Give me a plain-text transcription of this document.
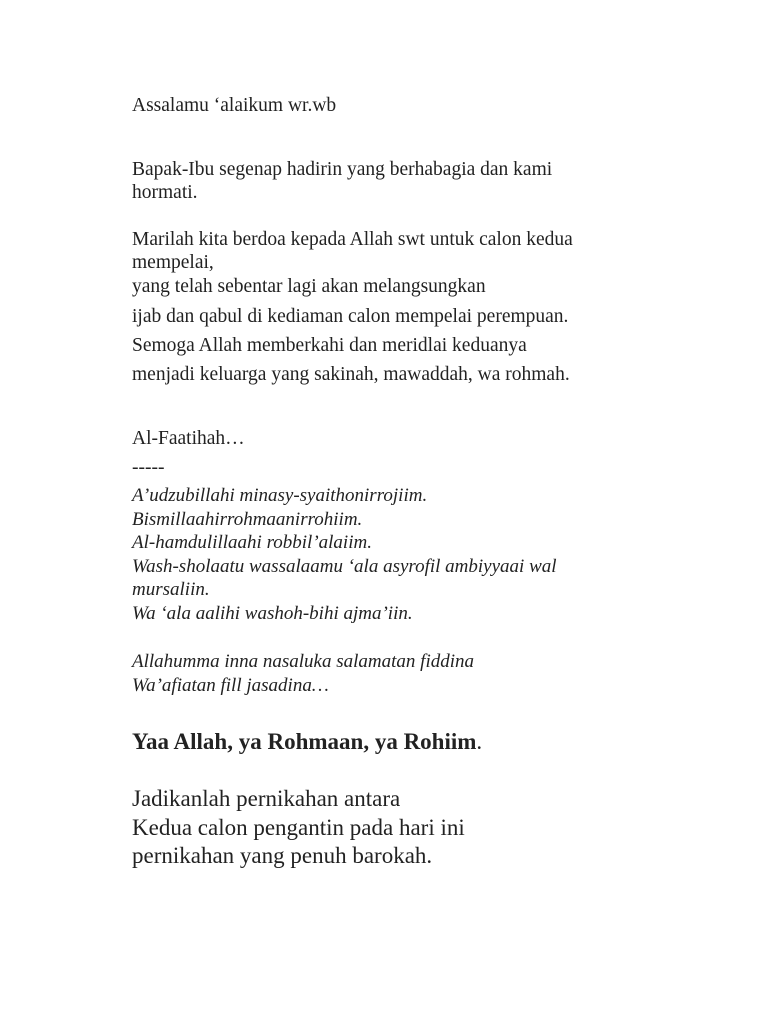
Assalamu ‘alaikum wr.wb

Bapak-Ibu segenap hadirin yang berhabagia dan kami

hormati.

Marilah kita berdoa kepada Allah swt untuk calon kedua

mempelai,

yang telah sebentar lagi akan melangsungkan

ijab dan qabul di kediaman calon mempelai perempuan.

Semoga Allah memberkahi dan meridlai keduanya

menjadi keluarga yang sakinah, mawaddah, wa rohmah.

Al-Faatihah…

-----

A’udzubillahi minasy-syaithonirrojiim.

Bismillaahirrohmaanirrohiim.

Al-hamdulillaahi robbil’alaiim.

Wash-sholaatu wassalaamu ‘ala asyrofil ambiyyaai wal

mursaliin.

Wa ‘ala aalihi washoh-bihi ajma’iin.

Allahumma inna nasaluka salamatan fiddina

Wa’afiatan fill jasadina…

Yaa Allah, ya Rohmaan, ya Rohiim.

Jadikanlah pernikahan antara

Kedua calon pengantin pada hari ini

pernikahan yang penuh barokah.
